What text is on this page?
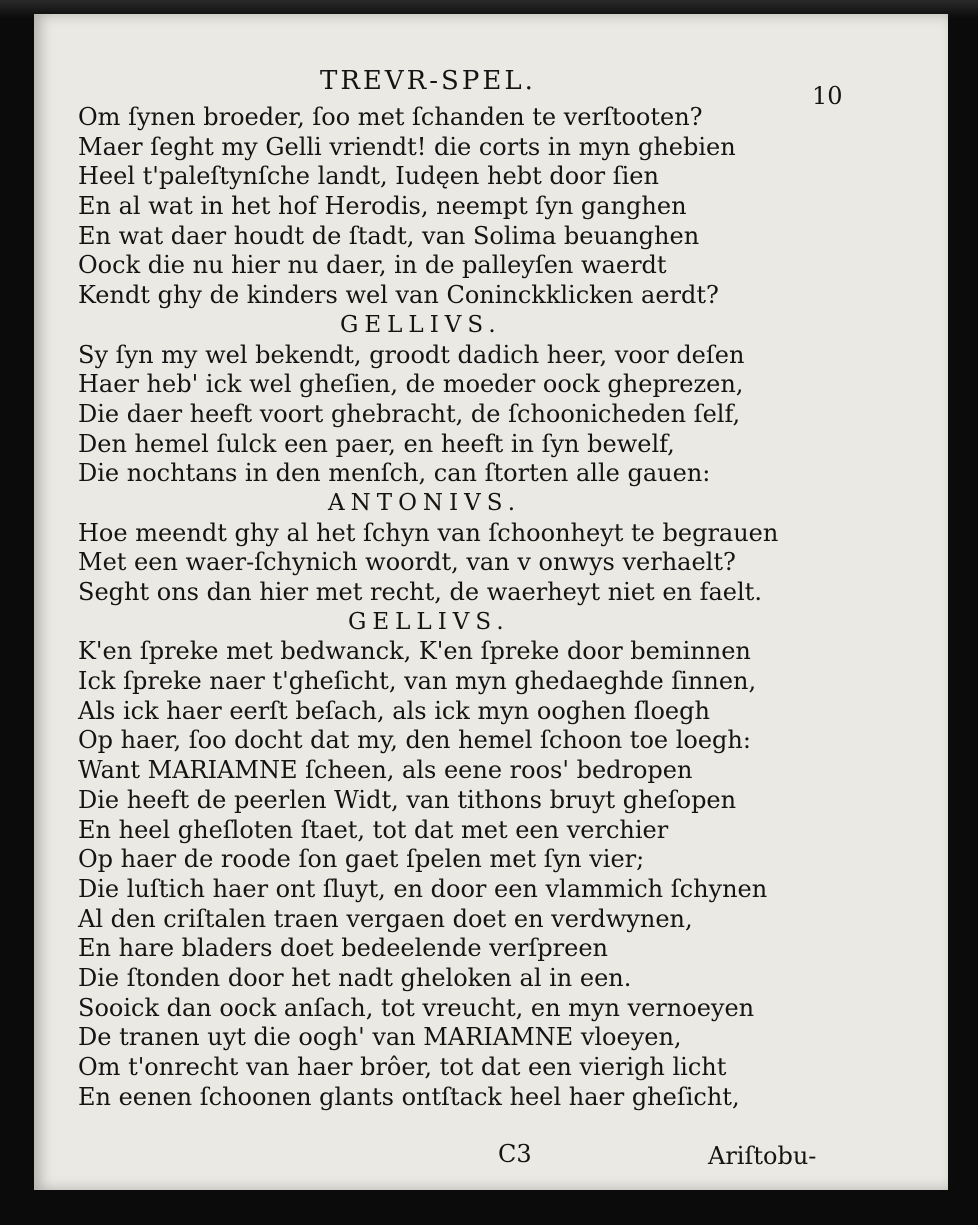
TREVR-SPEL.	10
Om ſynen broeder, ſoo met ſchanden te verſtooten?
Maer ſeght my Gelli vriendt! die corts in myn ghebien
Heel t'paleſtynſche landt, Iudęen hebt door ſien
En al wat in het hof Herodis, neempt ſyn ganghen
En wat daer houdt de ſtadt, van Solima beuanghen
Oock die nu hier nu daer, in de palleyſen waerdt
Kendt ghy de kinders wel van Coninckklicken aerdt?
GELLIVS.
Sy ſyn my wel bekendt, groodt dadich heer, voor deſen
Haer heb' ick wel gheſien, de moeder oock gheprezen,
Die daer heeft voort ghebracht, de ſchoonicheden ſelf,
Den hemel ſulck een paer, en heeft in ſyn bewelf,
Die nochtans in den menſch, can ſtorten alle gauen:
ANTONIVS.
Hoe meendt ghy al het ſchyn van ſchoonheyt te begrauen
Met een waer-ſchynich woordt, van v onwys verhaelt?
Seght ons dan hier met recht, de waerheyt niet en faelt.
GELLIVS.
K'en ſpreke met bedwanck, K'en ſpreke door beminnen
Ick ſpreke naer t'gheſicht, van myn ghedaeghde ſinnen,
Als ick haer eerſt beſach, als ick myn ooghen ſloegh
Op haer, ſoo docht dat my, den hemel ſchoon toe loegh:
Want MARIAMNE ſcheen, als eene roos' bedropen
Die heeft de peerlen Widt, van tithons bruyt gheſopen
En heel gheſloten ſtaet, tot dat met een verchier
Op haer de roode ſon gaet ſpelen met ſyn vier;
Die luſtich haer ont ſluyt, en door een vlammich ſchynen
Al den criſtalen traen vergaen doet en verdwynen,
En hare bladers doet bedeelende verſpreen
Die ſtonden door het nadt gheloken al in een.
Sooick dan oock anſach, tot vreucht, en myn vernoeyen
De tranen uyt die oogh' van MARIAMNE vloeyen,
Om t'onrecht van haer brôer, tot dat een vierigh licht
En eenen ſchoonen glants ontſtack heel haer gheſicht,
C3	Ariſtobu-
